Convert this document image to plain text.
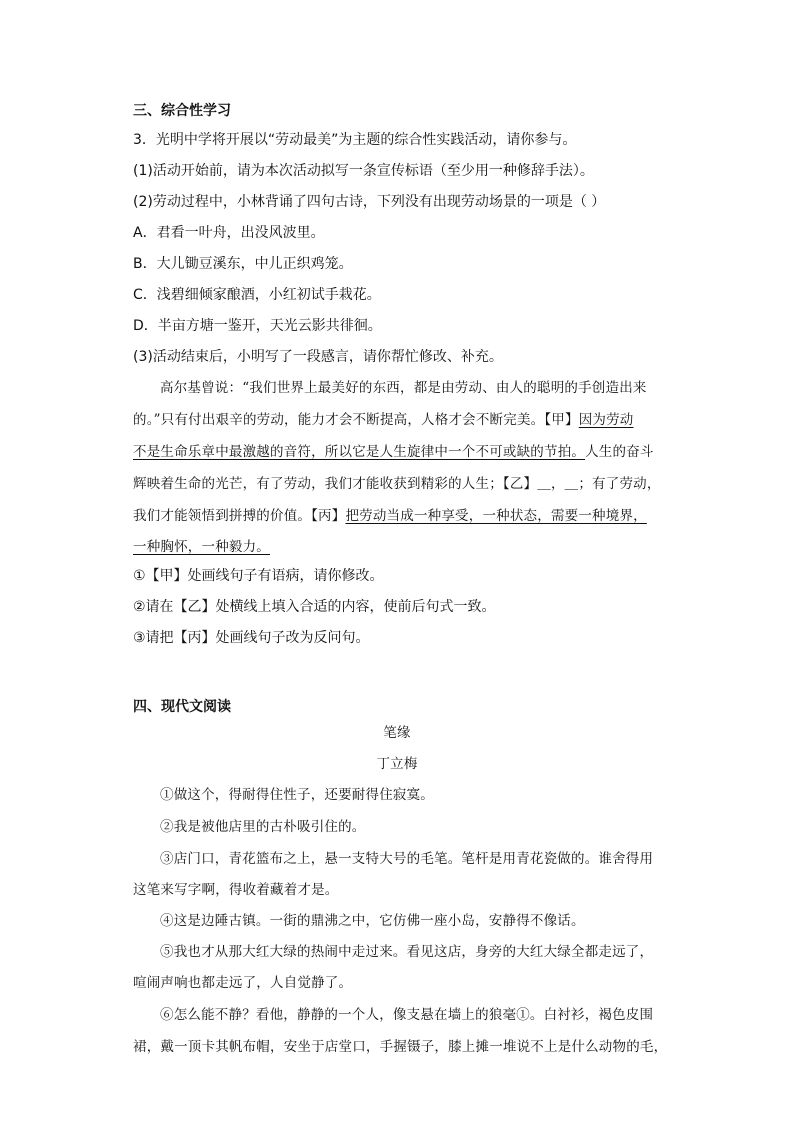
三、综合性学习
3．光明中学将开展以“劳动最美”为主题的综合性实践活动，请你参与。
(1)活动开始前，请为本次活动拟写一条宣传标语（至少用一种修辞手法）。
(2)劳动过程中，小林背诵了四句古诗，下列没有出现劳动场景的一项是（ ）
A．君看一叶舟，出没风波里。
B．大儿锄豆溪东，中儿正织鸡笼。
C．浅碧细倾家酿酒，小红初试手栽花。
D．半亩方塘一鉴开，天光云影共徘徊。
(3)活动结束后，小明写了一段感言，请你帮忙修改、补充。
高尔基曾说：“我们世界上最美好的东西，都是由劳动、由人的聪明的手创造出来
的。”只有付出艰辛的劳动，能力才会不断提高，人格才会不断完美。【甲】因为劳动
不是生命乐章中最激越的音符，所以它是人生旋律中一个不可或缺的节拍。人生的奋斗
辉映着生命的光芒，有了劳动，我们才能收获到精彩的人生；【乙】＿，＿；有了劳动，
我们才能领悟到拼搏的价值。【丙】把劳动当成一种享受，一种状态，需要一种境界，
一种胸怀，一种毅力。
①【甲】处画线句子有语病，请你修改。
②请在【乙】处横线上填入合适的内容，使前后句式一致。
③请把【丙】处画线句子改为反问句。
四、现代文阅读
笔缘
丁立梅
①做这个，得耐得住性子，还要耐得住寂寞。
②我是被他店里的古朴吸引住的。
③店门口，青花篮布之上，悬一支特大号的毛笔。笔杆是用青花瓷做的。谁舍得用
这笔来写字啊，得收着藏着才是。
④这是边陲古镇。一街的鼎沸之中，它仿佛一座小岛，安静得不像话。
⑤我也才从那大红大绿的热闹中走过来。看见这店，身旁的大红大绿全都走远了，
喧闹声响也都走远了，人自觉静了。
⑥怎么能不静？看他，静静的一个人，像支悬在墙上的狼毫①。白衬衫，褐色皮围
裙，戴一顶卡其帆布帽，安坐于店堂口，手握镊子，膝上摊一堆说不上是什么动物的毛，
